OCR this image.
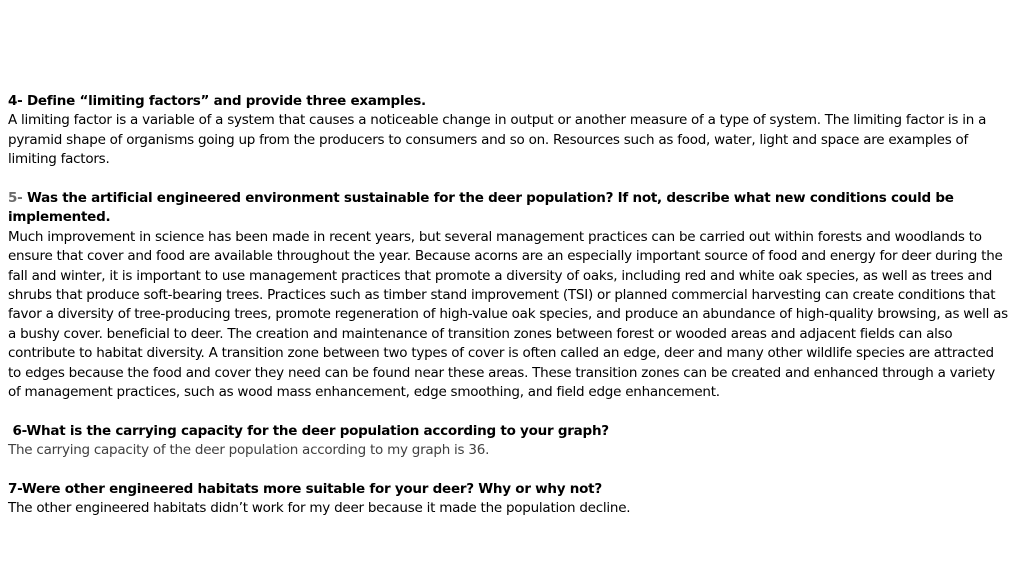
4- Define “limiting factors” and provide three examples.

A limiting factor is a variable of a system that causes a noticeable change in output or another measure of a type of system. The limiting factor is in a pyramid shape of organisms going up from the producers to consumers and so on. Resources such as food, water, light and space are examples of limiting factors.

5- Was the artificial engineered environment sustainable for the deer population? If not, describe what new conditions could be implemented.

Much improvement in science has been made in recent years, but several management practices can be carried out within forests and woodlands to ensure that cover and food are available throughout the year. Because acorns are an especially important source of food and energy for deer during the fall and winter, it is important to use management practices that promote a diversity of oaks, including red and white oak species, as well as trees and shrubs that produce soft-bearing trees. Practices such as timber stand improvement (TSI) or planned commercial harvesting can create conditions that favor a diversity of tree-producing trees, promote regeneration of high-value oak species, and produce an abundance of high-quality browsing, as well as a bushy cover. beneficial to deer. The creation and maintenance of transition zones between forest or wooded areas and adjacent fields can also contribute to habitat diversity. A transition zone between two types of cover is often called an edge, deer and many other wildlife species are attracted to edges because the food and cover they need can be found near these areas. These transition zones can be created and enhanced through a variety of management practices, such as wood mass enhancement, edge smoothing, and field edge enhancement.

6-What is the carrying capacity for the deer population according to your graph?

The carrying capacity of the deer population according to my graph is 36.

7-Were other engineered habitats more suitable for your deer? Why or why not?

The other engineered habitats didn’t work for my deer because it made the population decline.
